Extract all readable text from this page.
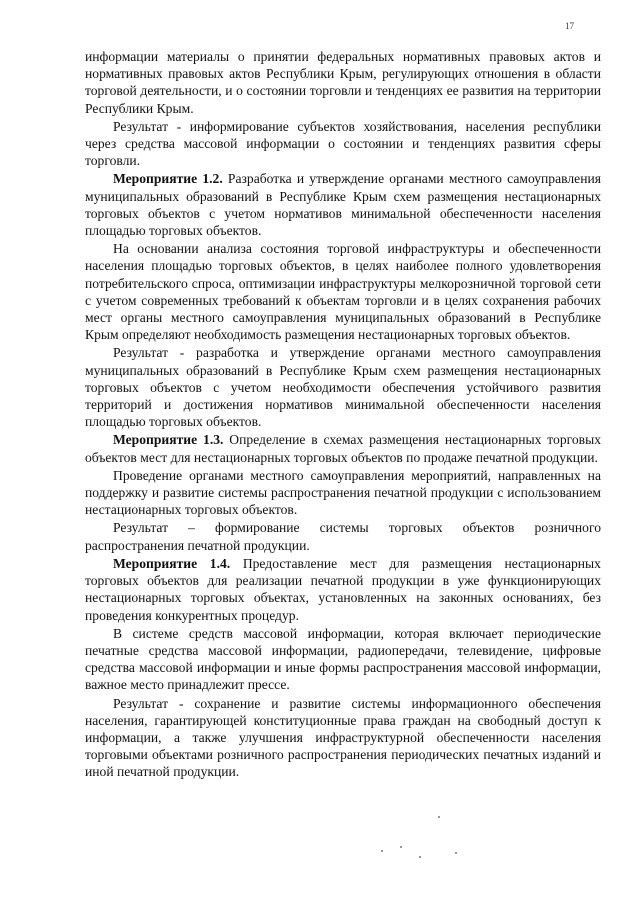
17

информации материалы о принятии федеральных нормативных правовых актов и нормативных правовых актов Республики Крым, регулирующих отношения в области торговой деятельности, и о состоянии торговли и тенденциях ее развития на территории Республики Крым.

Результат - информирование субъектов хозяйствования, населения республики через средства массовой информации о состоянии и тенденциях развития сферы торговли.

Мероприятие 1.2. Разработка и утверждение органами местного самоуправления муниципальных образований в Республике Крым схем размещения нестационарных торговых объектов с учетом нормативов минимальной обеспеченности населения площадью торговых объектов.

На основании анализа состояния торговой инфраструктуры и обеспеченности населения площадью торговых объектов, в целях наиболее полного удовлетворения потребительского спроса, оптимизации инфраструктуры мелкорозничной торговой сети с учетом современных требований к объектам торговли и в целях сохранения рабочих мест органы местного самоуправления муниципальных образований в Республике Крым определяют необходимость размещения нестационарных торговых объектов.

Результат - разработка и утверждение органами местного самоуправления муниципальных образований в Республике Крым схем размещения нестационарных торговых объектов с учетом необходимости обеспечения устойчивого развития территорий и достижения нормативов минимальной обеспеченности населения площадью торговых объектов.

Мероприятие 1.3. Определение в схемах размещения нестационарных торговых объектов мест для нестационарных торговых объектов по продаже печатной продукции.

Проведение органами местного самоуправления мероприятий, направленных на поддержку и развитие системы распространения печатной продукции с использованием нестационарных торговых объектов.

Результат – формирование системы торговых объектов розничного распространения печатной продукции.

Мероприятие 1.4. Предоставление мест для размещения нестационарных торговых объектов для реализации печатной продукции в уже функционирующих нестационарных торговых объектах, установленных на законных основаниях, без проведения конкурентных процедур.

В системе средств массовой информации, которая включает периодические печатные средства массовой информации, радиопередачи, телевидение, цифровые средства массовой информации и иные формы распространения массовой информации, важное место принадлежит прессе.

Результат - сохранение и развитие системы информационного обеспечения населения, гарантирующей конституционные права граждан на свободный доступ к информации, а также улучшения инфраструктурной обеспеченности населения торговыми объектами розничного распространения периодических печатных изданий и иной печатной продукции.
